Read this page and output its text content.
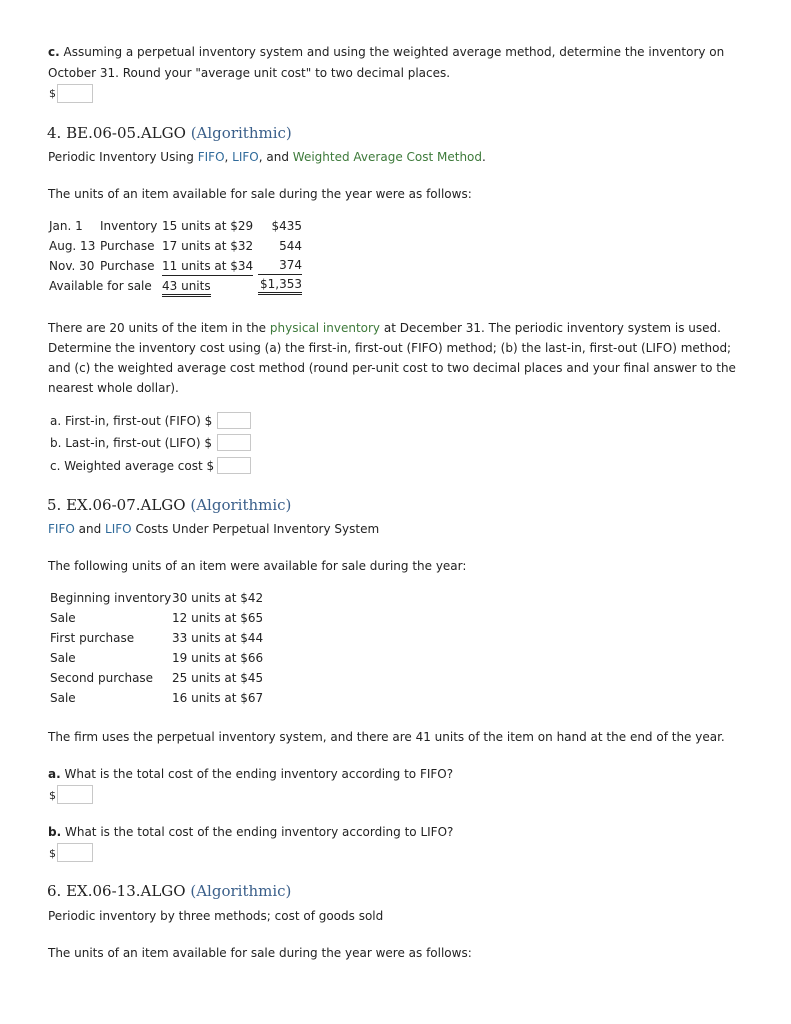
c. Assuming a perpetual inventory system and using the weighted average method, determine the inventory on
October 31. Round your "average unit cost" to two decimal places.
$
4. BE.06-05.ALGO (Algorithmic)
Periodic Inventory Using FIFO, LIFO, and Weighted Average Cost Method.
The units of an item available for sale during the year were as follows:
Jan. 1	Inventory	15 units at $29	$435
Aug. 13	Purchase	17 units at $32	544
Nov. 30	Purchase	11 units at $34	374
Available for sale		43 units	$1,353
There are 20 units of the item in the physical inventory at December 31. The periodic inventory system is used.
Determine the inventory cost using (a) the first-in, first-out (FIFO) method; (b) the last-in, first-out (LIFO) method;
and (c) the weighted average cost method (round per-unit cost to two decimal places and your final answer to the
nearest whole dollar).
a. First-in, first-out (FIFO) $
b. Last-in, first-out (LIFO) $
c. Weighted average cost $
5. EX.06-07.ALGO (Algorithmic)
FIFO and LIFO Costs Under Perpetual Inventory System
The following units of an item were available for sale during the year:
Beginning inventory	30 units at $42
Sale	12 units at $65
First purchase	33 units at $44
Sale	19 units at $66
Second purchase	25 units at $45
Sale	16 units at $67
The firm uses the perpetual inventory system, and there are 41 units of the item on hand at the end of the year.
a. What is the total cost of the ending inventory according to FIFO?
$
b. What is the total cost of the ending inventory according to LIFO?
$
6. EX.06-13.ALGO (Algorithmic)
Periodic inventory by three methods; cost of goods sold
The units of an item available for sale during the year were as follows:
